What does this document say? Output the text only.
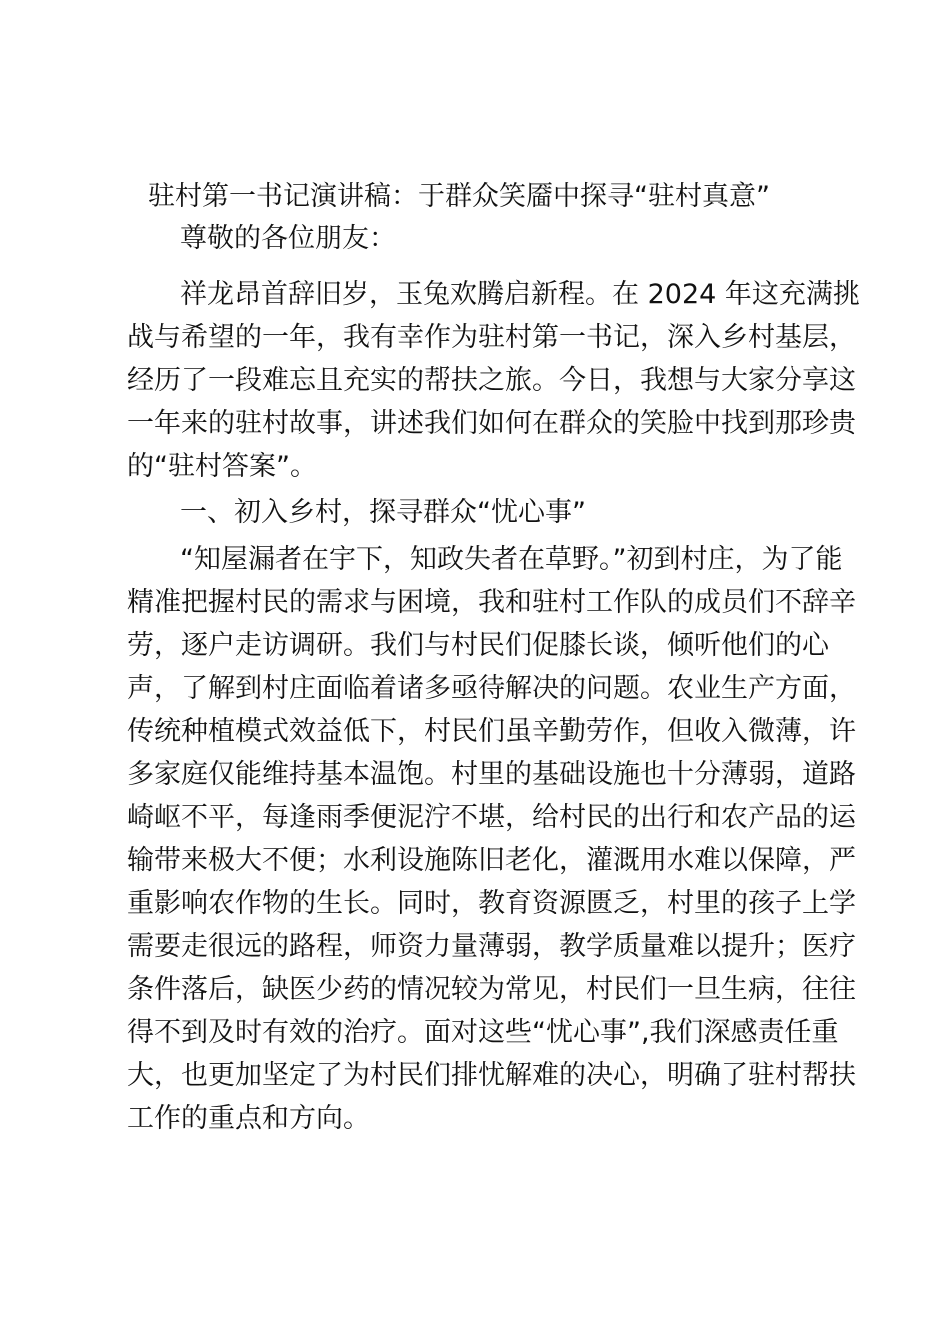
驻村第一书记演讲稿：于群众笑靥中探寻“驻村真意”
尊敬的各位朋友：
祥龙昂首辞旧岁，玉兔欢腾启新程。在 2024 年这充满挑
战与希望的一年，我有幸作为驻村第一书记，深入乡村基层，
经历了一段难忘且充实的帮扶之旅。今日，我想与大家分享这
一年来的驻村故事，讲述我们如何在群众的笑脸中找到那珍贵
的“驻村答案”。
一、初入乡村，探寻群众“忧心事”
“知屋漏者在宇下，知政失者在草野。”初到村庄，为了能
精准把握村民的需求与困境，我和驻村工作队的成员们不辞辛
劳，逐户走访调研。我们与村民们促膝长谈，倾听他们的心
声，了解到村庄面临着诸多亟待解决的问题。农业生产方面，
传统种植模式效益低下，村民们虽辛勤劳作，但收入微薄，许
多家庭仅能维持基本温饱。村里的基础设施也十分薄弱，道路
崎岖不平，每逢雨季便泥泞不堪，给村民的出行和农产品的运
输带来极大不便；水利设施陈旧老化，灌溉用水难以保障，严
重影响农作物的生长。同时，教育资源匮乏，村里的孩子上学
需要走很远的路程，师资力量薄弱，教学质量难以提升；医疗
条件落后，缺医少药的情况较为常见，村民们一旦生病，往往
得不到及时有效的治疗。面对这些“忧心事”,我们深感责任重
大，也更加坚定了为村民们排忧解难的决心，明确了驻村帮扶
工作的重点和方向。
